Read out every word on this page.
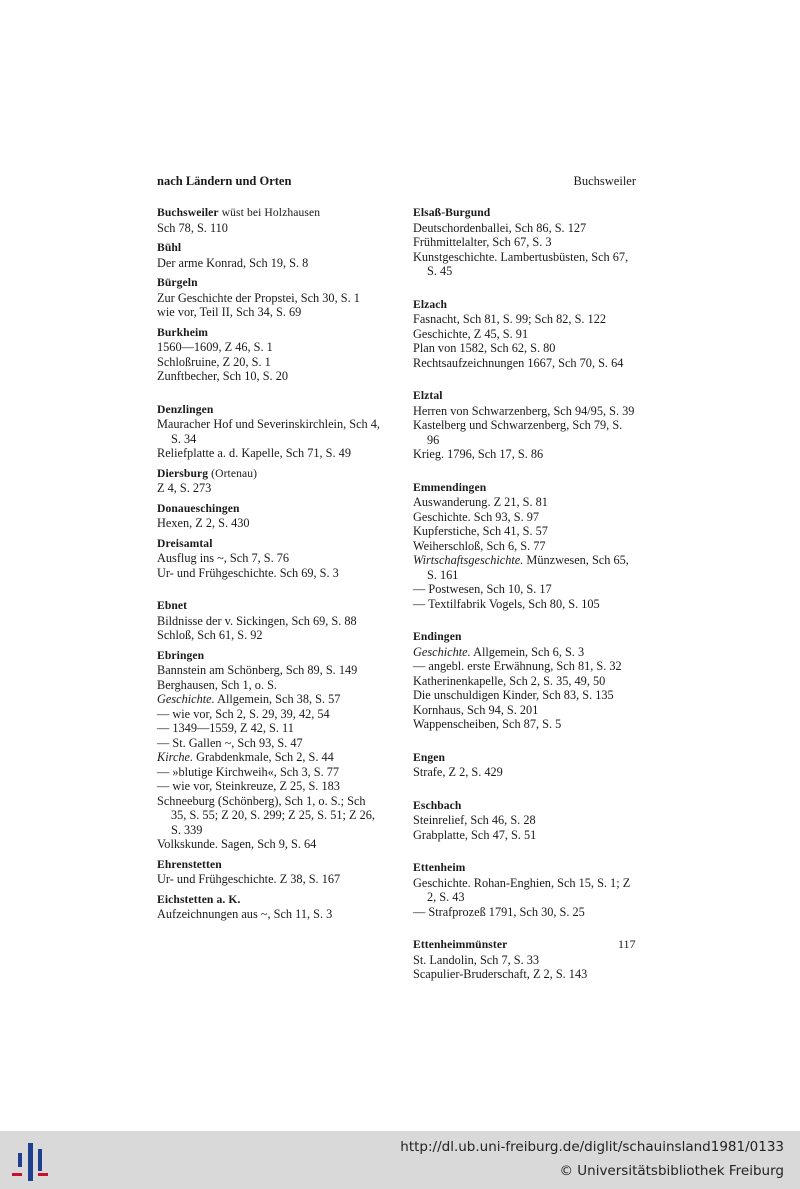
nach Ländern und Orten	Buchsweiler
Buchsweiler wüst bei Holzhausen
Sch 78, S. 110
Bühl
Der arme Konrad, Sch 19, S. 8
Bürgeln
Zur Geschichte der Propstei, Sch 30, S. 1
wie vor, Teil II, Sch 34, S. 69
Burkheim
1560—1609, Z 46, S. 1
Schloßruine, Z 20, S. 1
Zunftbecher, Sch 10, S. 20
Denzlingen
Mauracher Hof und Severinskirchlein, Sch 4, S. 34
Reliefplatte a. d. Kapelle, Sch 71, S. 49
Diersburg (Ortenau)
Z 4, S. 273
Donaueschingen
Hexen, Z 2, S. 430
Dreisamtal
Ausflug ins ~, Sch 7, S. 76
Ur- und Frühgeschichte. Sch 69, S. 3
Ebnet
Bildnisse der v. Sickingen, Sch 69, S. 88
Schloß, Sch 61, S. 92
Ebringen
Bannstein am Schönberg, Sch 89, S. 149
Berghausen, Sch 1, o. S.
Geschichte. Allgemein, Sch 38, S. 57
— wie vor, Sch 2, S. 29, 39, 42, 54
— 1349—1559, Z 42, S. 11
— St. Gallen ~, Sch 93, S. 47
Kirche. Grabdenkmale, Sch 2, S. 44
— »blutige Kirchweih«, Sch 3, S. 77
— wie vor, Steinkreuze, Z 25, S. 183
Schneeburg (Schönberg), Sch 1, o. S.; Sch 35, S. 55; Z 20, S. 299; Z 25, S. 51; Z 26, S. 339
Volkskunde. Sagen, Sch 9, S. 64
Ehrenstetten
Ur- und Frühgeschichte. Z 38, S. 167
Eichstetten a. K.
Aufzeichnungen aus ~, Sch 11, S. 3
Elsaß-Burgund
Deutschordenballei, Sch 86, S. 127
Frühmittelalter, Sch 67, S. 3
Kunstgeschichte. Lambertusbüsten, Sch 67, S. 45
Elzach
Fasnacht, Sch 81, S. 99; Sch 82, S. 122
Geschichte, Z 45, S. 91
Plan von 1582, Sch 62, S. 80
Rechtsaufzeichnungen 1667, Sch 70, S. 64
Elztal
Herren von Schwarzenberg, Sch 94/95, S. 39
Kastelberg und Schwarzenberg, Sch 79, S. 96
Krieg. 1796, Sch 17, S. 86
Emmendingen
Auswanderung. Z 21, S. 81
Geschichte. Sch 93, S. 97
Kupferstiche, Sch 41, S. 57
Weiherschloß, Sch 6, S. 77
Wirtschaftsgeschichte. Münzwesen, Sch 65, S. 161
— Postwesen, Sch 10, S. 17
— Textilfabrik Vogels, Sch 80, S. 105
Endingen
Geschichte. Allgemein, Sch 6, S. 3
— angebl. erste Erwähnung, Sch 81, S. 32
Katherinenkapelle, Sch 2, S. 35, 49, 50
Die unschuldigen Kinder, Sch 83, S. 135
Kornhaus, Sch 94, S. 201
Wappenscheiben, Sch 87, S. 5
Engen
Strafe, Z 2, S. 429
Eschbach
Steinrelief, Sch 46, S. 28
Grabplatte, Sch 47, S. 51
Ettenheim
Geschichte. Rohan-Enghien, Sch 15, S. 1; Z 2, S. 43
— Strafprozeß 1791, Sch 30, S. 25
Ettenheimmünster
St. Landolin, Sch 7, S. 33
Scapulier-Bruderschaft, Z 2, S. 143
117
http://dl.ub.uni-freiburg.de/diglit/schauinsland1981/0133
© Universitätsbibliothek Freiburg
